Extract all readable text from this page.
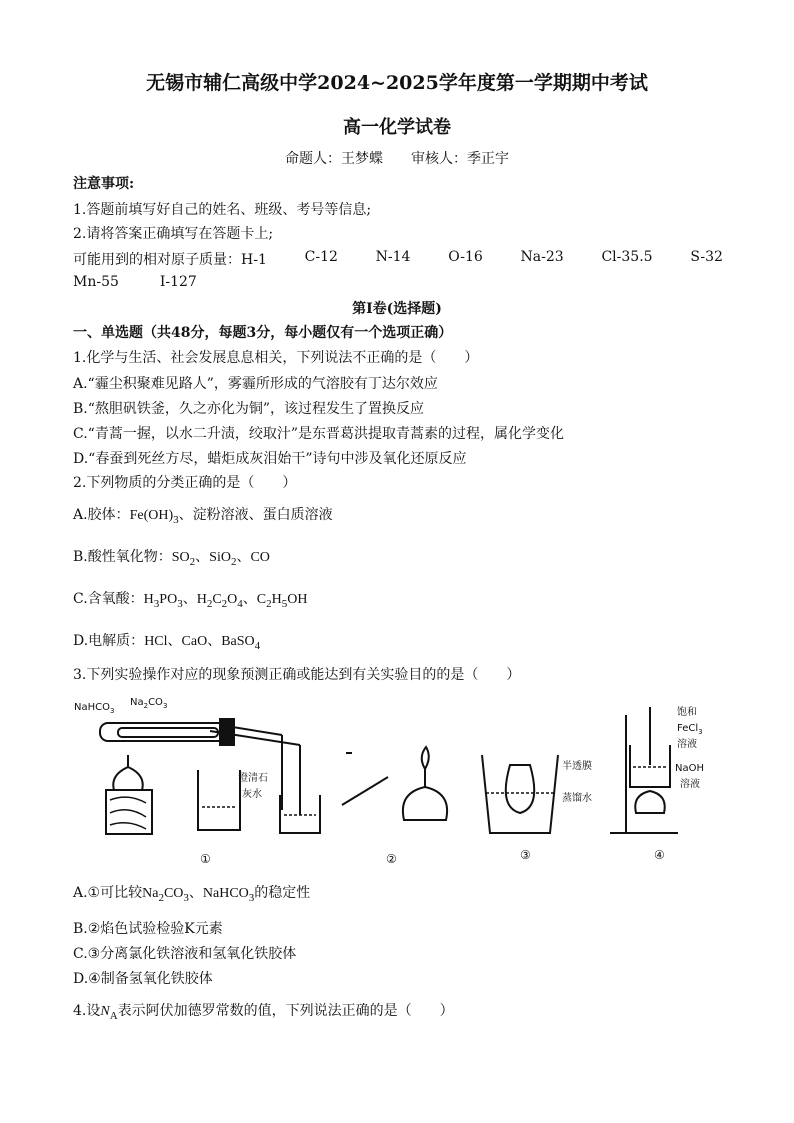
无锡市辅仁高级中学2024~2025学年度第一学期期中考试
高一化学试卷
命题人：王梦蝶　　审核人：季正宇
注意事项:
1.答题前填写好自己的姓名、班级、考号等信息;
2.请将答案正确填写在答题卡上;
可能用到的相对原子质量：H-1	C-12	N-14	O-16	Na-23	Cl-35.5	S-32
Mn-55	I-127
第Ⅰ卷(选择题)
一、单选题（共48分，每题3分，每小题仅有一个选项正确）
1.化学与生活、社会发展息息相关，下列说法不正确的是（　　）
A.“霾尘积聚难见路人”，雾霾所形成的气溶胶有丁达尔效应
B.“熬胆矾铁釜，久之亦化为铜”，该过程发生了置换反应
C.“青蒿一握，以水二升渍，绞取汁”是东晋葛洪提取青蒿素的过程，属化学变化
D.“春蚕到死丝方尽，蜡炬成灰泪始干”诗句中涉及氧化还原反应
2.下列物质的分类正确的是（　　）
A.胶体：$Fe(OH)_3$、淀粉溶液、蛋白质溶液
B.酸性氧化物：$SO_2$、SiO$_2$、CO
C.含氧酸：$H_3PO_3$、$H_2C_2O_4$、$C_2H_5OH$
D.电解质：HCl、CaO、BaSO$_4$
3.下列实验操作对应的现象预测正确或能达到有关实验目的的是（　　）
NaHCO$_3$
$Na_2CO_3$
澄清石
灰水
半透膜
蒸馏水
饱和
FeCl$_3$
溶液
NaOH
溶液
①	②	③	④
A.①可比较$Na_2CO_3$、NaHCO$_3$的稳定性
B.②焰色试验检验K元素
C.③分离氯化铁溶液和氢氧化铁胶体
D.④制备氢氧化铁胶体
4.设$N_A$表示阿伏加德罗常数的值，下列说法正确的是（　　）
